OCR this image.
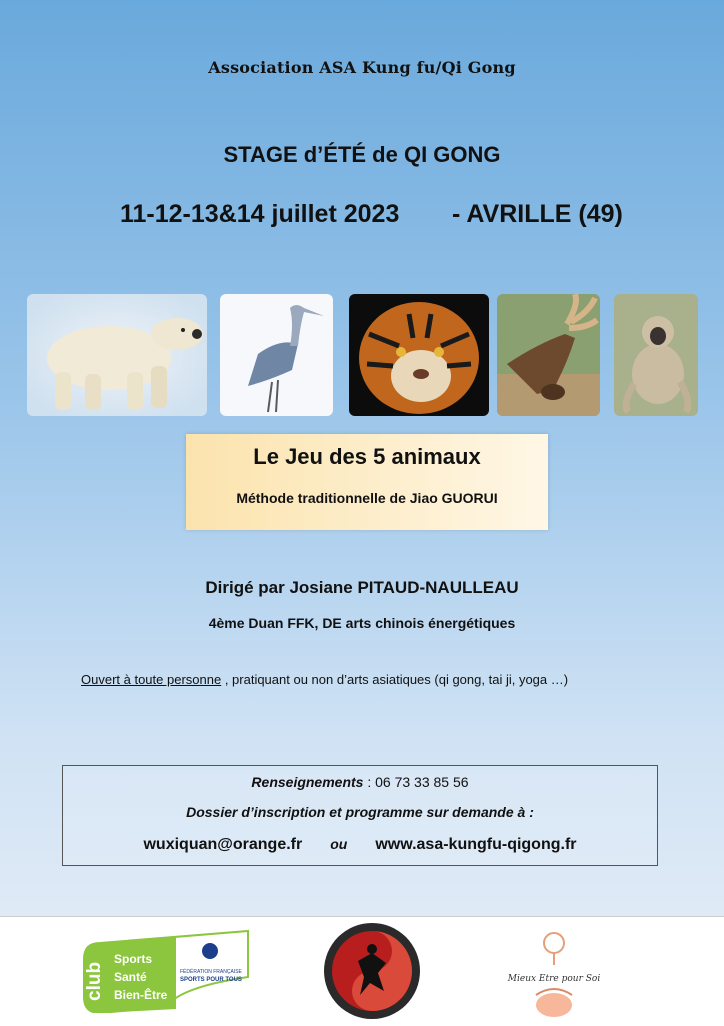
Association ASA Kung fu/Qi Gong
STAGE d’ÉTÉ de QI GONG
11-12-13&14 juillet 2023 - AVRILLE (49)
Le Jeu des 5 animaux
Méthode traditionnelle de Jiao GUORUI
Dirigé par Josiane PITAUD-NAULLEAU
4ème Duan FFK, DE arts chinois énergétiques
Ouvert à toute personne , pratiquant ou non d’arts asiatiques (qi gong, tai ji, yoga …)
Renseignements : 06 73 33 85 56
Dossier d’inscription et programme sur demande à :
wuxiquan@orange.fr ou www.asa-kungfu-qigong.fr
club
Sports
Santé
Bien-Être
FÉDÉRATION FRANÇAISE
SPORTS POUR TOUS	Mieux Etre pour Soi
